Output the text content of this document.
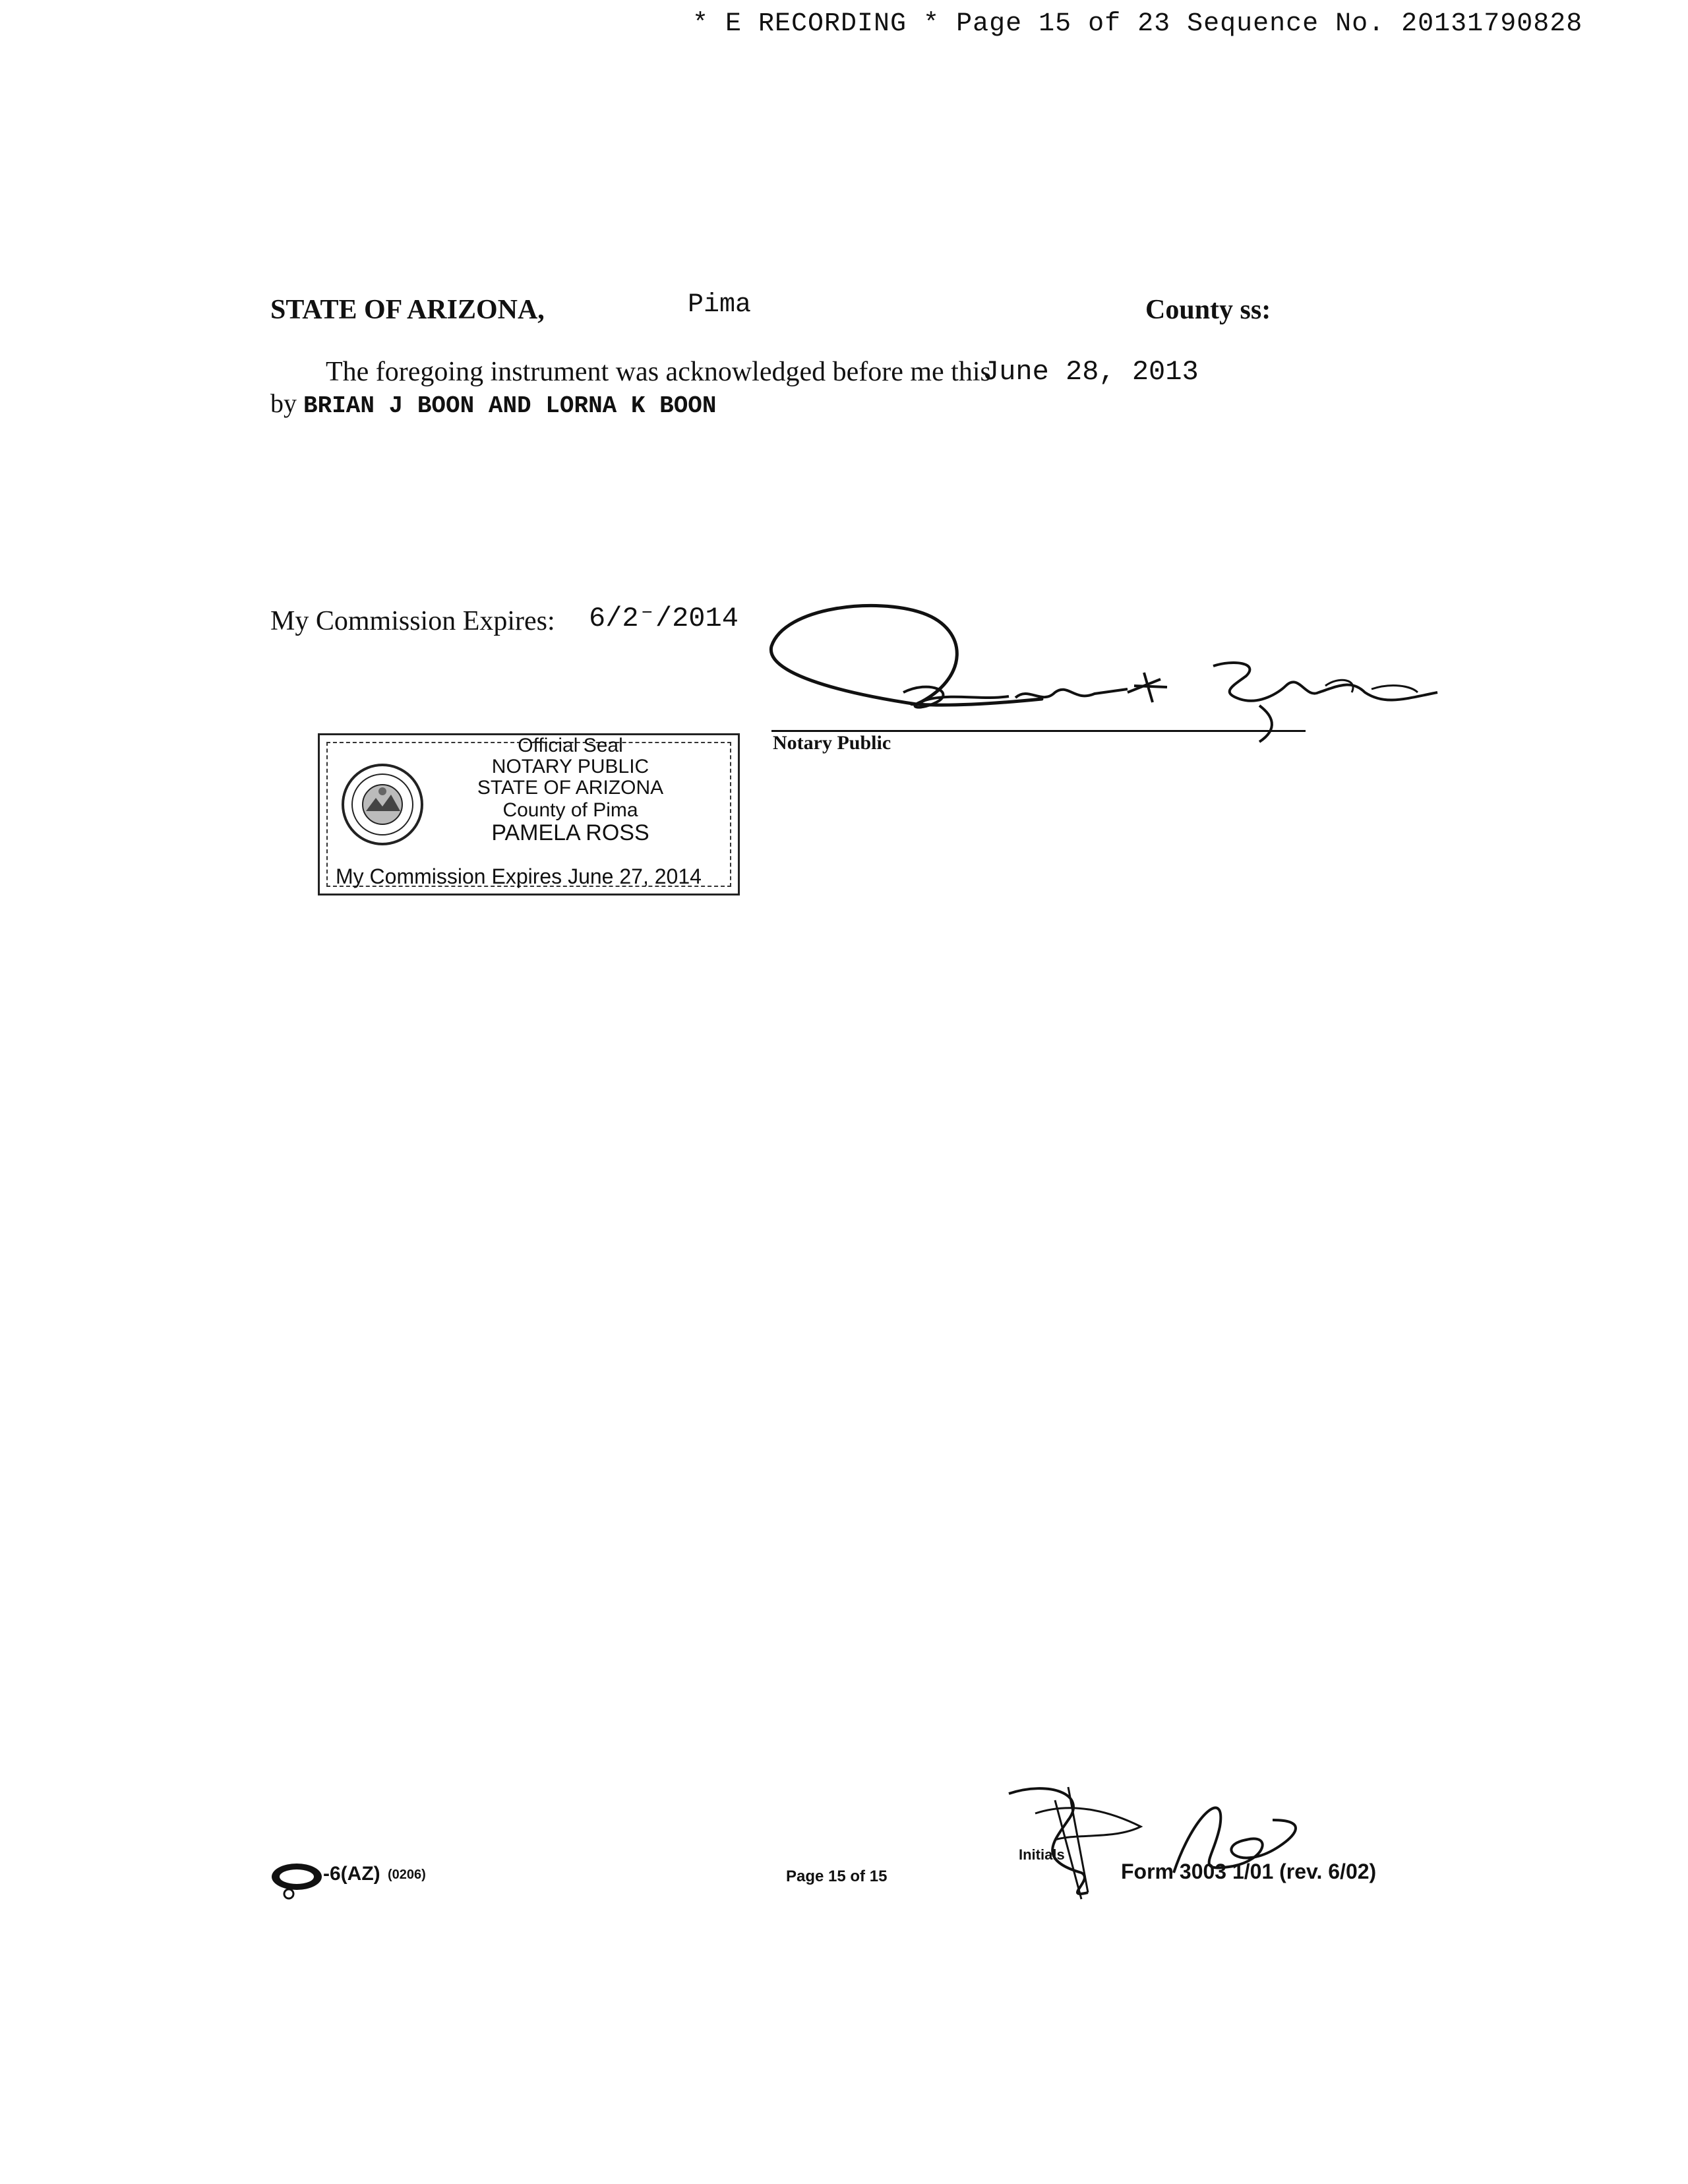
* E RECORDING * Page 15 of 23 Sequence No. 20131790828
STATE OF ARIZONA,	Pima	County ss:
The foregoing instrument was acknowledged before me this
June 28, 2013
by BRIAN J BOON AND LORNA K BOON
My Commission Expires: 6/2⁻/2014
Notary Public
Official Seal
NOTARY PUBLIC
STATE OF ARIZONA
County of Pima
PAMELA ROSS
My Commission Expires June 27, 2014
-6(AZ) (0206)	Page 15 of 15
Initials
Form 3003 1/01 (rev. 6/02)
